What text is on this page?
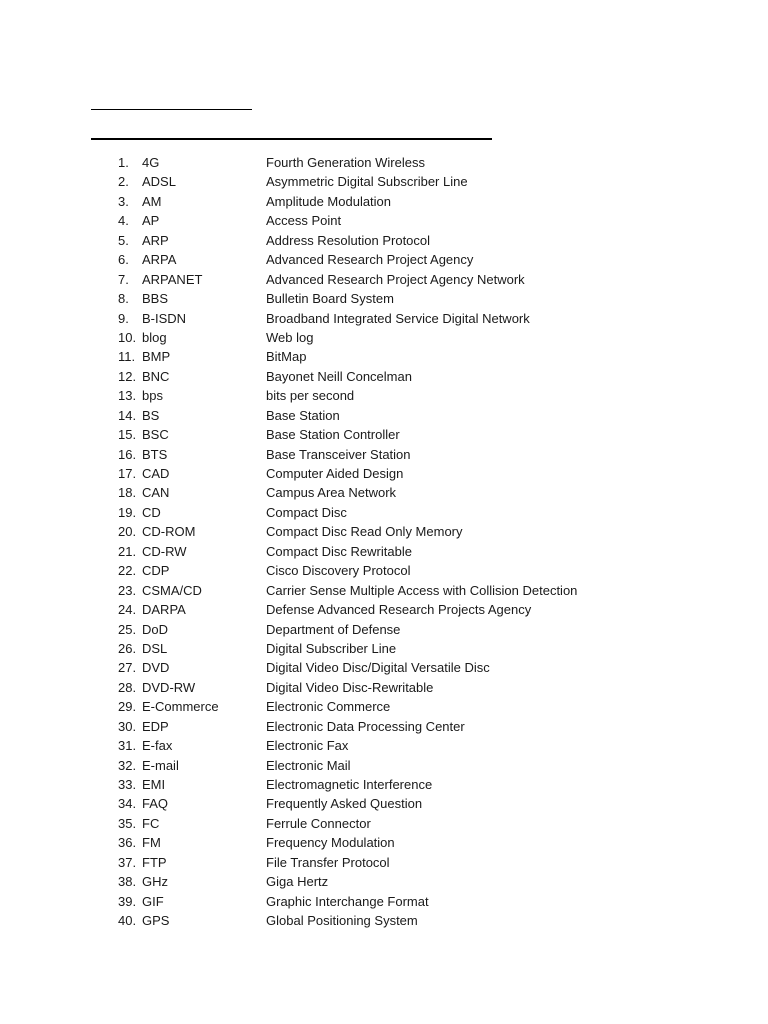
1.	4G	Fourth Generation Wireless
2.	ADSL	Asymmetric Digital Subscriber Line
3.	AM	Amplitude Modulation
4.	AP	Access Point
5.	ARP	Address Resolution Protocol
6.	ARPA	Advanced Research Project Agency
7.	ARPANET	Advanced Research Project Agency Network
8.	BBS	Bulletin Board System
9.	B-ISDN	Broadband Integrated Service Digital Network
10. blog	Web log
11. BMP	BitMap
12. BNC	Bayonet Neill Concelman
13. bps	bits per second
14. BS	Base Station
15. BSC	Base Station Controller
16. BTS	Base Transceiver Station
17. CAD	Computer Aided Design
18. CAN	Campus Area Network
19. CD	Compact Disc
20. CD-ROM	Compact Disc Read Only Memory
21. CD-RW	Compact Disc Rewritable
22. CDP	Cisco Discovery Protocol
23. CSMA/CD	Carrier Sense Multiple Access with Collision Detection
24. DARPA	Defense Advanced Research Projects Agency
25. DoD	Department of Defense
26. DSL	Digital Subscriber Line
27. DVD	Digital Video Disc/Digital Versatile Disc
28. DVD-RW	Digital Video Disc-Rewritable
29. E-Commerce	Electronic Commerce
30. EDP	Electronic Data Processing Center
31. E-fax	Electronic Fax
32. E-mail	Electronic Mail
33. EMI	Electromagnetic Interference
34. FAQ	Frequently Asked Question
35. FC	Ferrule Connector
36. FM	Frequency Modulation
37. FTP	File Transfer Protocol
38. GHz	Giga Hertz
39. GIF	Graphic Interchange Format
40. GPS	Global Positioning System
